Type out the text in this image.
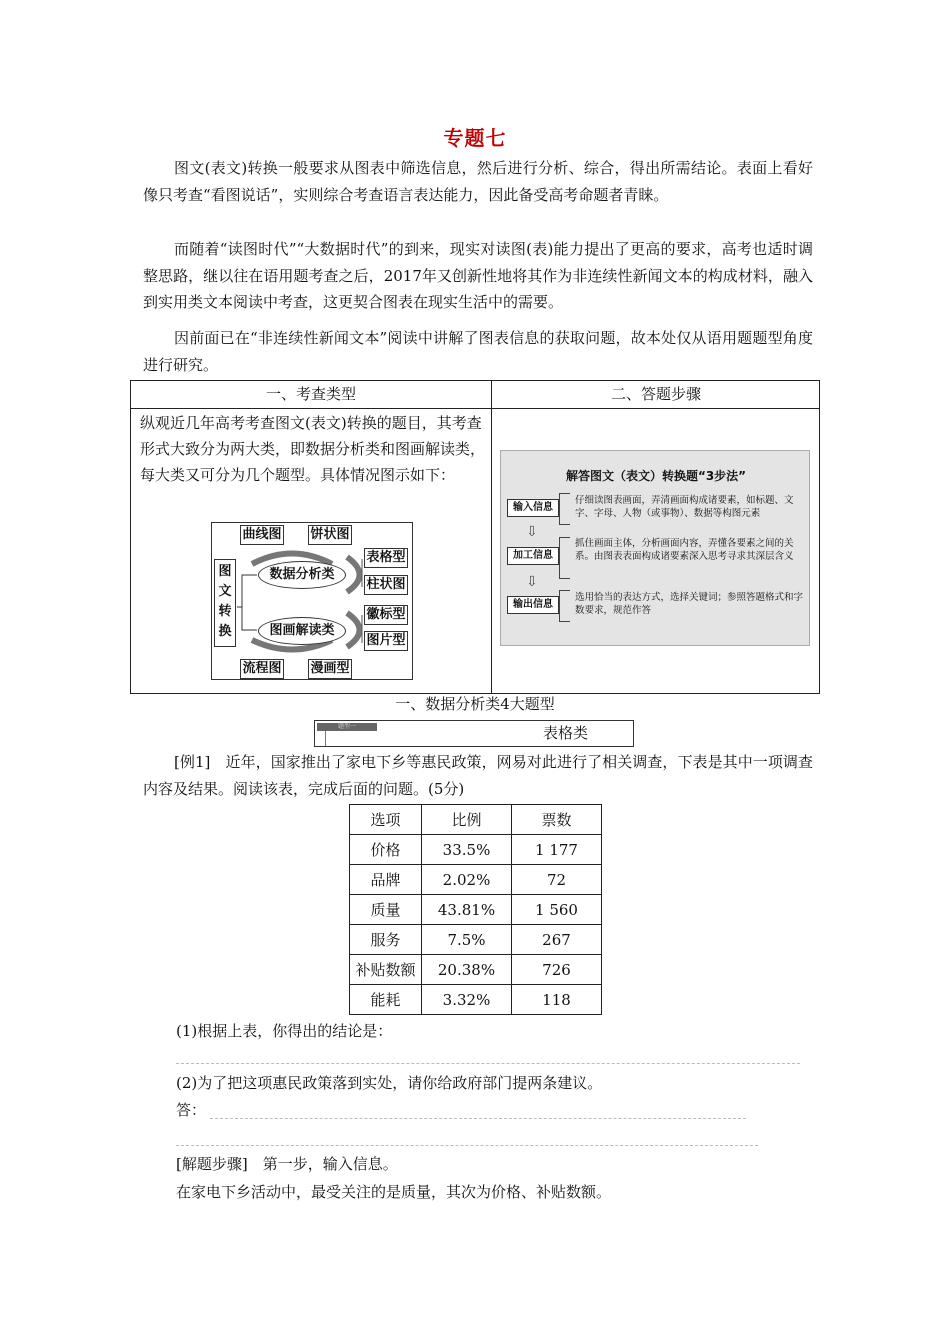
专题七
图文(表文)转换一般要求从图表中筛选信息，然后进行分析、综合，得出所需结论。表面上看好像只考查“看图说话”，实则综合考查语言表达能力，因此备受高考命题者青睐。
而随着“读图时代”“大数据时代”的到来，现实对读图(表)能力提出了更高的要求，高考也适时调整思路，继以往在语用题考查之后，2017年又创新性地将其作为非连续性新闻文本的构成材料，融入到实用类文本阅读中考查，这更契合图表在现实生活中的需要。
因前面已在“非连续性新闻文本”阅读中讲解了图表信息的获取问题，故本处仅从语用题题型角度进行研究。
一、考查类型	二、答题步骤
纵观近几年高考考查图文(表文)转换的题目，其考查形式大致分为两大类，即数据分析类和图画解读类，每大类又可分为几个题型。具体情况图示如下：
图文转换
数据分析类
图画解读类
曲线图 饼状图
表格型
柱状图
徽标型
图片型
流程图 漫画型
解答图文（表文）转换题“3步法”
输入信息
仔细读图表画面，弄清画面构成诸要素，如标题、文字、字母、人物（或事物）、数据等构图元素
⇩
加工信息
抓住画面主体，分析画面内容，弄懂各要素之间的关系。由图表表面构成诸要素深入思考寻求其深层含义
⇩
输出信息
选用恰当的表达方式，选择关键词；参照答题格式和字数要求，规范作答
一、数据分析类4大题型
题型一	表格类
[例1]　近年，国家推出了家电下乡等惠民政策，网易对此进行了相关调查，下表是其中一项调查内容及结果。阅读该表，完成后面的问题。(5分)
选项	比例	票数
价格	33.5%	1 177
品牌	2.02%	72
质量	43.81%	1 560
服务	7.5%	267
补贴数额	20.38%	726
能耗	3.32%	118
(1)根据上表，你得出的结论是：
(2)为了把这项惠民政策落到实处，请你给政府部门提两条建议。
答：
[解题步骤]　第一步，输入信息。
在家电下乡活动中，最受关注的是质量，其次为价格、补贴数额。
